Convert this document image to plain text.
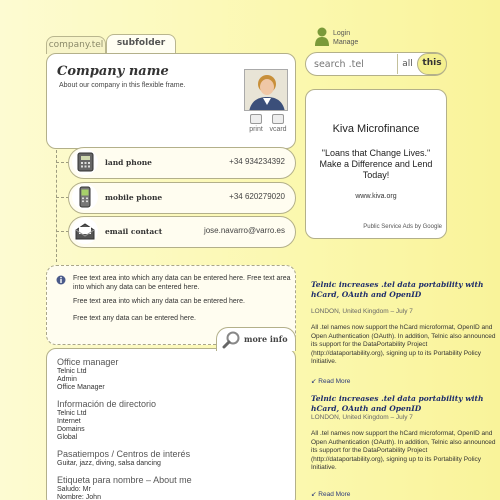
company.tel	subfolder
Company name
About our company in this flexible frame.
print vcard
land phone	+34 934234392
mobile phone	+34 620279020
email contact	jose.navarro@varro.es

Free text area into which any data can be entered here. Free text area into which any data can be entered here.

Free text area into which any data can be entered here.

Free text any data can be entered here.

Office manager
Telnic Ltd
Admin
Office Manager
Información de directorio
Telnic Ltd
Internet
Domains
Global
Pasatiempos / Centros de interés
Guitar, jazz, diving, salsa dancing
Etiqueta para nombre – About me
Saludo: Mr
Nombre: John
more info
Login
Manage
search .tel
all	this
Kiva Microfinance
"Loans that Change Lives." Make a Difference and Lend Today!
www.kiva.org
Public Service Ads by Google
Telnic increases .tel data portability with hCard, OAuth and OpenID
LONDON, United Kingdom – July 7
All .tel names now support the hCard microformat, OpenID and Open Authentication (OAuth). In addition, Telnic also announced its support for the DataPortability Project (http://dataportability.org), signing up to its Portability Policy Initiative.
↙ Read More
Telnic increases .tel data portability with hCard, OAuth and OpenID
LONDON, United Kingdom – July 7
All .tel names now support the hCard microformat, OpenID and Open Authentication (OAuth). In addition, Telnic also announced its support for the DataPortability Project (http://dataportability.org), signing up to its Portability Policy Initiative.
↙ Read More
